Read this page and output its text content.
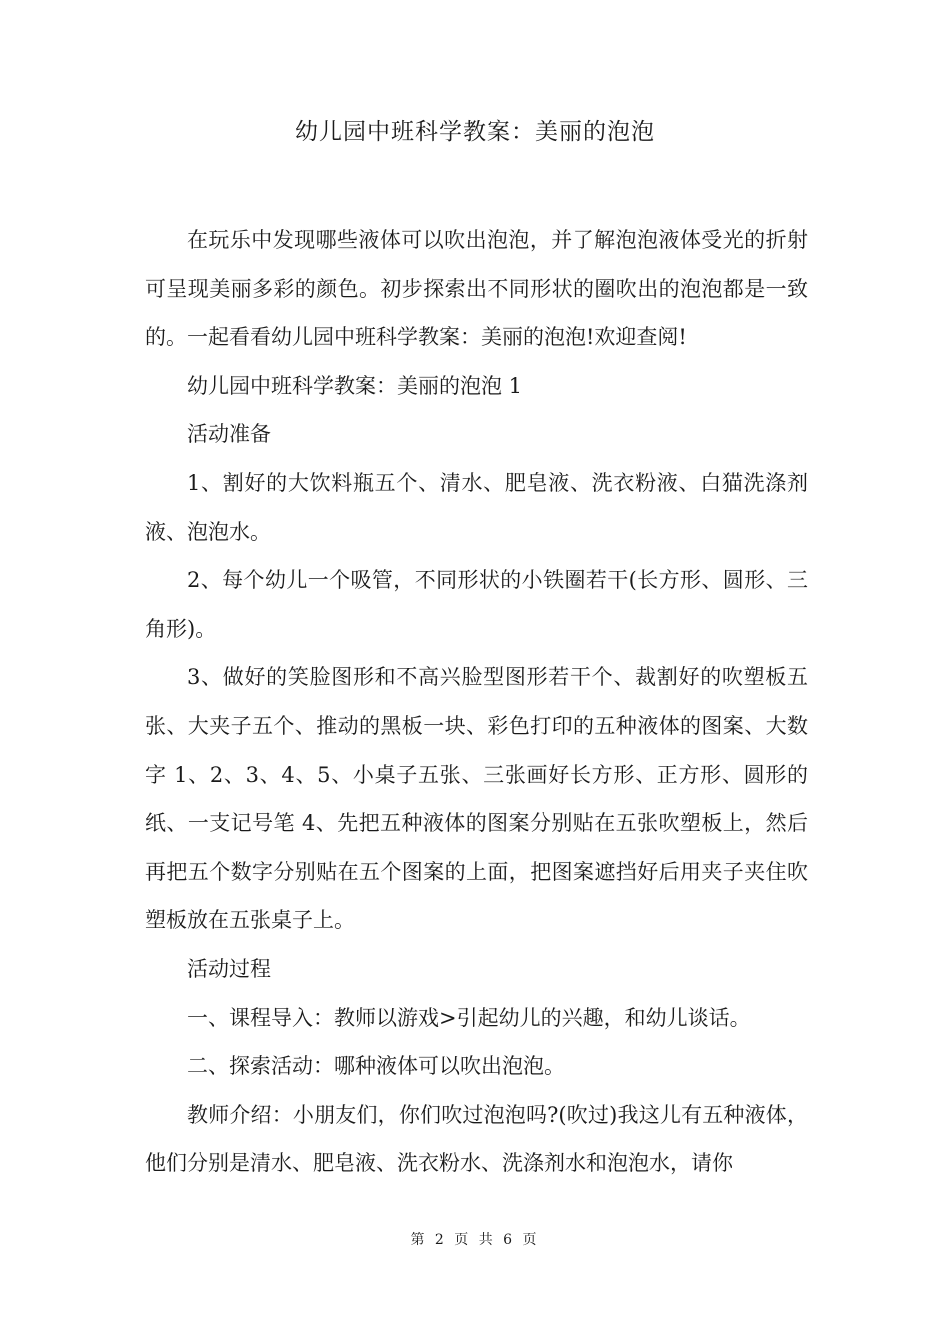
幼儿园中班科学教案：美丽的泡泡

在玩乐中发现哪些液体可以吹出泡泡，并了解泡泡液体受光的折射可呈现美丽多彩的颜色。初步探索出不同形状的圈吹出的泡泡都是一致的。一起看看幼儿园中班科学教案：美丽的泡泡!欢迎查阅!

幼儿园中班科学教案：美丽的泡泡 1

活动准备

1、割好的大饮料瓶五个、清水、肥皂液、洗衣粉液、白猫洗涤剂液、泡泡水。

2、每个幼儿一个吸管，不同形状的小铁圈若干(长方形、圆形、三角形)。

3、做好的笑脸图形和不高兴脸型图形若干个、裁割好的吹塑板五张、大夹子五个、推动的黑板一块、彩色打印的五种液体的图案、大数字 1、2、3、4、5、小桌子五张、三张画好长方形、正方形、圆形的纸、一支记号笔 4、先把五种液体的图案分别贴在五张吹塑板上，然后再把五个数字分别贴在五个图案的上面，把图案遮挡好后用夹子夹住吹塑板放在五张桌子上。

活动过程

一、课程导入：教师以游戏>引起幼儿的兴趣，和幼儿谈话。

二、探索活动：哪种液体可以吹出泡泡。

教师介绍：小朋友们，你们吹过泡泡吗?(吹过)我这儿有五种液体，他们分别是清水、肥皂液、洗衣粉水、洗涤剂水和泡泡水，请你

第 2 页 共 6 页
